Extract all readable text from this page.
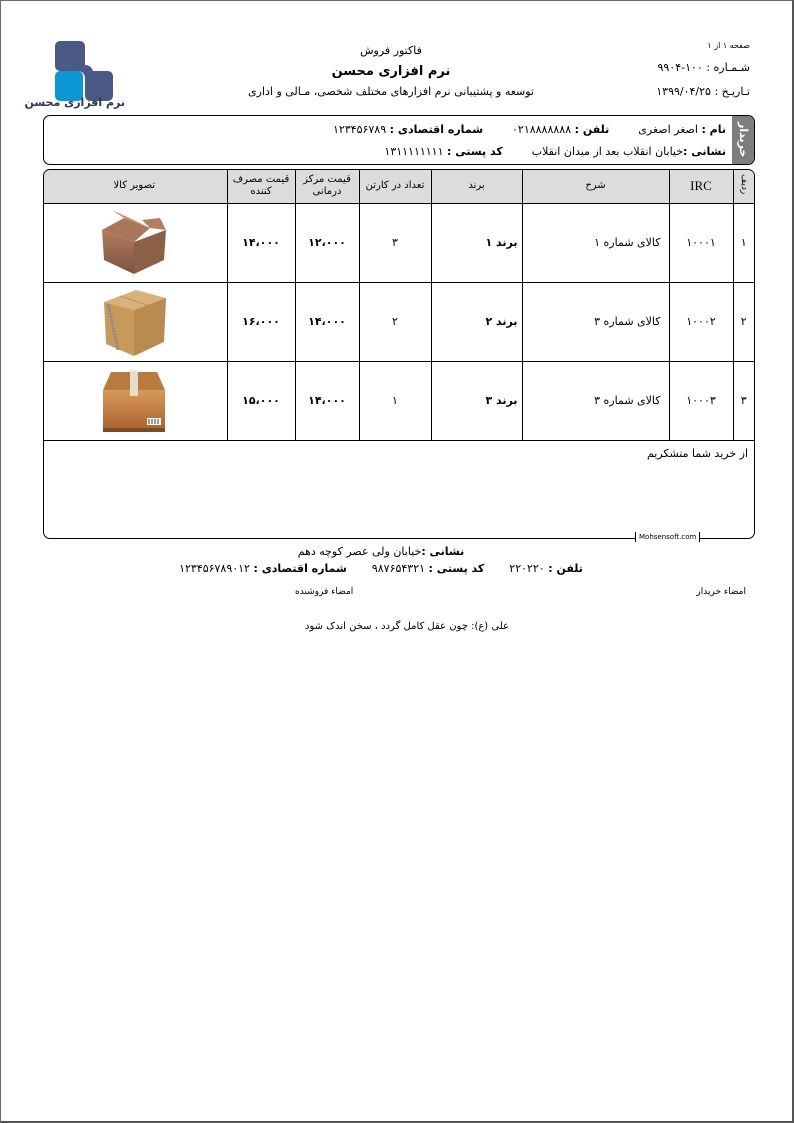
نرم افزاری محسن
فاکتور فروش
نرم افزاری محسن
توسعه و پشتیبانی نرم افزارهای مختلف شخصی، مـالی و اداری
صفحه ۱ از ۱
شـمـاره : ۱۰۰-۹۹۰۴
تـاریـخ : ۱۳۹۹/۰۴/۲۵
خریدار
نام : اصغر اصغری  تلفن : ۰۲۱۸۸۸۸۸۸۸  شماره اقتصادی : ۱۲۳۴۵۶۷۸۹
نشانی :خیابان انقلاب بعد از میدان انقلاب  کد پستی : ۱۳۱۱۱۱۱۱۱۱
ردیف	IRC	شرح	برند	تعداد در کارتن	قیمت مرکز درمانی	قیمت مصرف کننده	تصویر کالا
۱	۱۰۰۰۱	کالای شماره ۱	برند ۱	۳	۱۲،۰۰۰	۱۴،۰۰۰	

۲	۱۰۰۰۲	کالای شماره ۳	برند ۲	۲	۱۴،۰۰۰	۱۶،۰۰۰	

۳	۱۰۰۰۳	کالای شماره ۳	برند ۳	۱	۱۴،۰۰۰	۱۵،۰۰۰	

از خرید شما متشکریم							
Mohsensoft.com
نشانی :خیابان ولی عصر کوچه دهم
تلفن : ۲۲۰۲۲۰  کد پستی : ۹۸۷۶۵۴۳۲۱  شماره اقتصادی : ۱۲۳۴۵۶۷۸۹۰۱۲
امضاء خریدار
امضاء فروشنده
علی (ع): چون عقل کامل گردد ، سخن اندک شود
